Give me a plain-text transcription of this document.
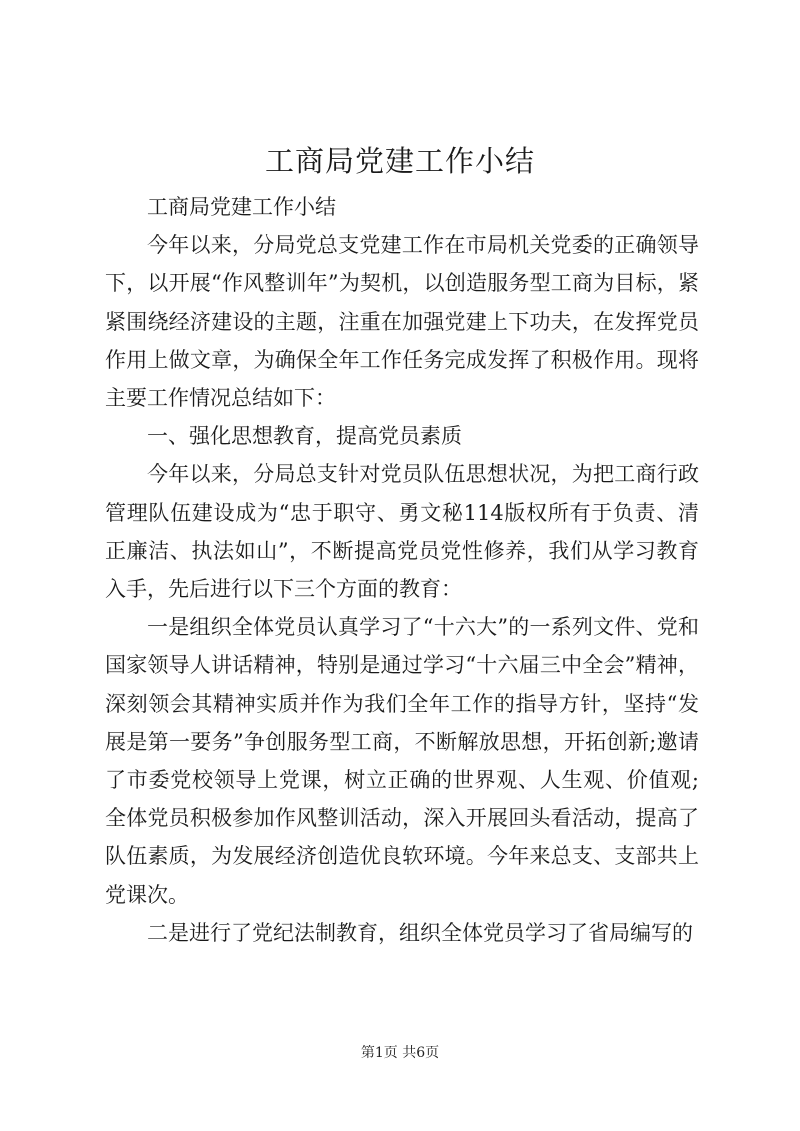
工商局党建工作小结

工商局党建工作小结

今年以来，分局党总支党建工作在市局机关党委的正确领导下，以开展“作风整训年”为契机，以创造服务型工商为目标，紧紧围绕经济建设的主题，注重在加强党建上下功夫，在发挥党员作用上做文章，为确保全年工作任务完成发挥了积极作用。现将主要工作情况总结如下：

一、强化思想教育，提高党员素质

今年以来，分局总支针对党员队伍思想状况，为把工商行政管理队伍建设成为“忠于职守、勇文秘114版权所有于负责、清正廉洁、执法如山”，不断提高党员党性修养，我们从学习教育入手，先后进行以下三个方面的教育：

一是组织全体党员认真学习了“十六大”的一系列文件、党和国家领导人讲话精神，特别是通过学习“十六届三中全会”精神，深刻领会其精神实质并作为我们全年工作的指导方针，坚持“发展是第一要务”争创服务型工商，不断解放思想，开拓创新;邀请了市委党校领导上党课，树立正确的世界观、人生观、价值观;全体党员积极参加作风整训活动，深入开展回头看活动，提高了队伍素质，为发展经济创造优良软环境。今年来总支、支部共上党课次。

二是进行了党纪法制教育，组织全体党员学习了省局编写的

第1页 共6页
